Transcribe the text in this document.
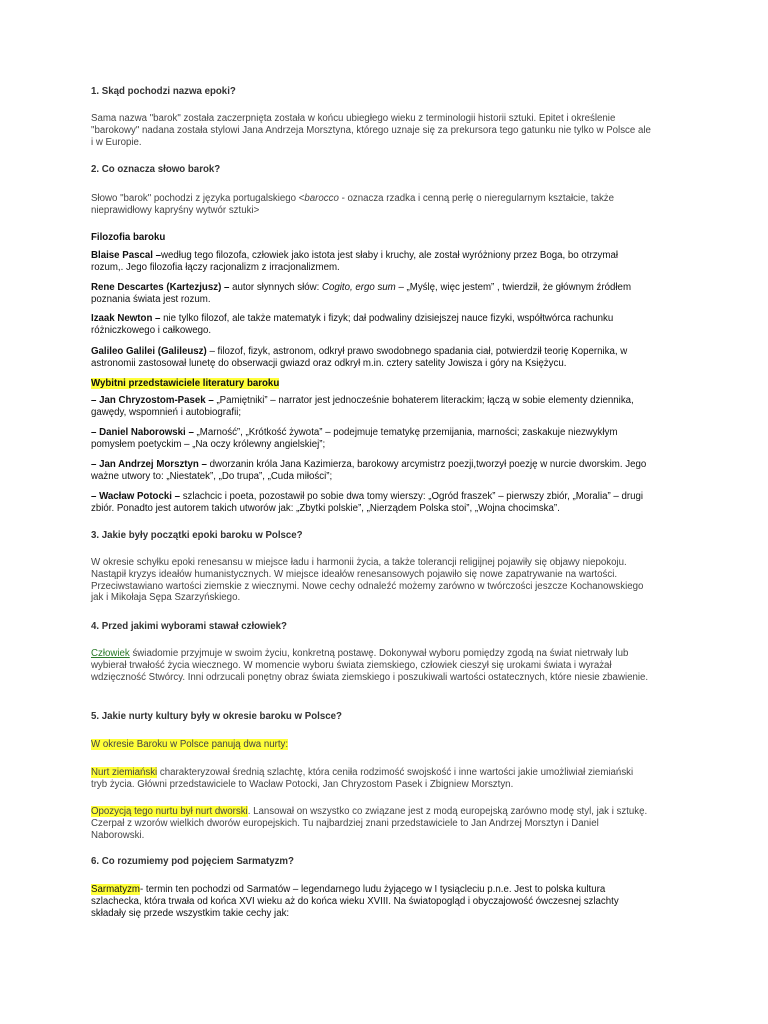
1. Skąd pochodzi nazwa epoki?

Sama nazwa "barok" została zaczerpnięta została w końcu ubiegłego wieku z terminologii historii sztuki. Epitet i określenie "barokowy" nadana została stylowi Jana Andrzeja Morsztyna, którego uznaje się za prekursora tego gatunku nie tylko w Polsce ale i w Europie.

2. Co oznacza słowo barok?

Słowo "barok" pochodzi z języka portugalskiego <barocco - oznacza rzadka i cenną perłę o nieregularnym kształcie, także nieprawidłowy kapryśny wytwór sztuki>

Filozofia baroku

Blaise Pascal –według tego filozofa, człowiek jako istota jest słaby i kruchy, ale został wyróżniony przez Boga, bo otrzymał rozum,. Jego filozofia łączy racjonalizm z irracjonalizmem.

Rene Descartes (Kartezjusz) – autor słynnych słów: Cogito, ergo sum – „Myślę, więc jestem” , twierdził, że głównym źródłem poznania świata jest rozum.

Izaak Newton – nie tylko filozof, ale także matematyk i fizyk; dał podwaliny dzisiejszej nauce fizyki, współtwórca rachunku różniczkowego i całkowego.

Galileo Galilei (Galileusz) – filozof, fizyk, astronom, odkrył prawo swodobnego spadania ciał, potwierdził teorię Kopernika, w astronomii zastosował lunetę do obserwacji gwiazd oraz odkrył m.in. cztery satelity Jowisza i góry na Księżycu.

Wybitni przedstawiciele literatury baroku

– Jan Chryzostom-Pasek – „Pamiętniki” – narrator jest jednocześnie bohaterem literackim; łączą w sobie elementy dziennika, gawędy, wspomnień i autobiografii;

– Daniel Naborowski – „Marność”, „Krótkość żywota” – podejmuje tematykę przemijania, marności; zaskakuje niezwykłym pomysłem poetyckim – „Na oczy królewny angielskiej”;

– Jan Andrzej Morsztyn – dworzanin króla Jana Kazimierza, barokowy arcymistrz poezji,tworzył poezję w nurcie dworskim. Jego ważne utwory to: „Niestatek”, „Do trupa”, „Cuda miłości”;

– Wacław Potocki – szlachcic i poeta, pozostawił po sobie dwa tomy wierszy: „Ogród fraszek” – pierwszy zbiór, „Moralia” – drugi zbiór. Ponadto jest autorem takich utworów jak: „Zbytki polskie”, „Nierządem Polska stoi”, „Wojna chocimska”.

3. Jakie były początki epoki baroku w Polsce?

W okresie schyłku epoki renesansu w miejsce ładu i harmonii życia, a także tolerancji religijnej pojawiły się objawy niepokoju. Nastąpił kryzys ideałów humanistycznych. W miejsce ideałów renesansowych pojawiło się nowe zapatrywanie na wartości. Przeciwstawiano wartości ziemskie z wiecznymi. Nowe cechy odnaleźć możemy zarówno w twórczości jeszcze Kochanowskiego jak i Mikołaja Sępa Szarzyńskiego.

4. Przed jakimi wyborami stawał człowiek?

Człowiek świadomie przyjmuje w swoim życiu, konkretną postawę. Dokonywał wyboru pomiędzy zgodą na świat nietrwały lub wybierał trwałość życia wiecznego. W momencie wyboru świata ziemskiego, człowiek cieszył się urokami świata i wyrażał wdzięczność Stwórcy. Inni odrzucali ponętny obraz świata ziemskiego i poszukiwali wartości ostatecznych, które niesie zbawienie.

5. Jakie nurty kultury były w okresie baroku w Polsce?

W okresie Baroku w Polsce panują dwa nurty:

Nurt ziemiański charakteryzował średnią szlachtę, która ceniła rodzimość swojskość i inne wartości jakie umożliwiał ziemiański tryb życia. Główni przedstawiciele to Wacław Potocki, Jan Chryzostom Pasek i Zbigniew Morsztyn.

Opozycją tego nurtu był nurt dworski. Lansował on wszystko co związane jest z modą europejską zarówno modę styl, jak i sztukę. Czerpał z wzorów wielkich dworów europejskich. Tu najbardziej znani przedstawiciele to Jan Andrzej Morsztyn i Daniel Naborowski.

6. Co rozumiemy pod pojęciem Sarmatyzm?

Sarmatyzm- termin ten pochodzi od Sarmatów – legendarnego ludu żyjącego w I tysiącleciu p.n.e. Jest to polska kultura szlachecka, która trwała od końca XVI wieku aż do końca wieku XVIII. Na światopogląd i obyczajowość ówczesnej szlachty składały się przede wszystkim takie cechy jak:
